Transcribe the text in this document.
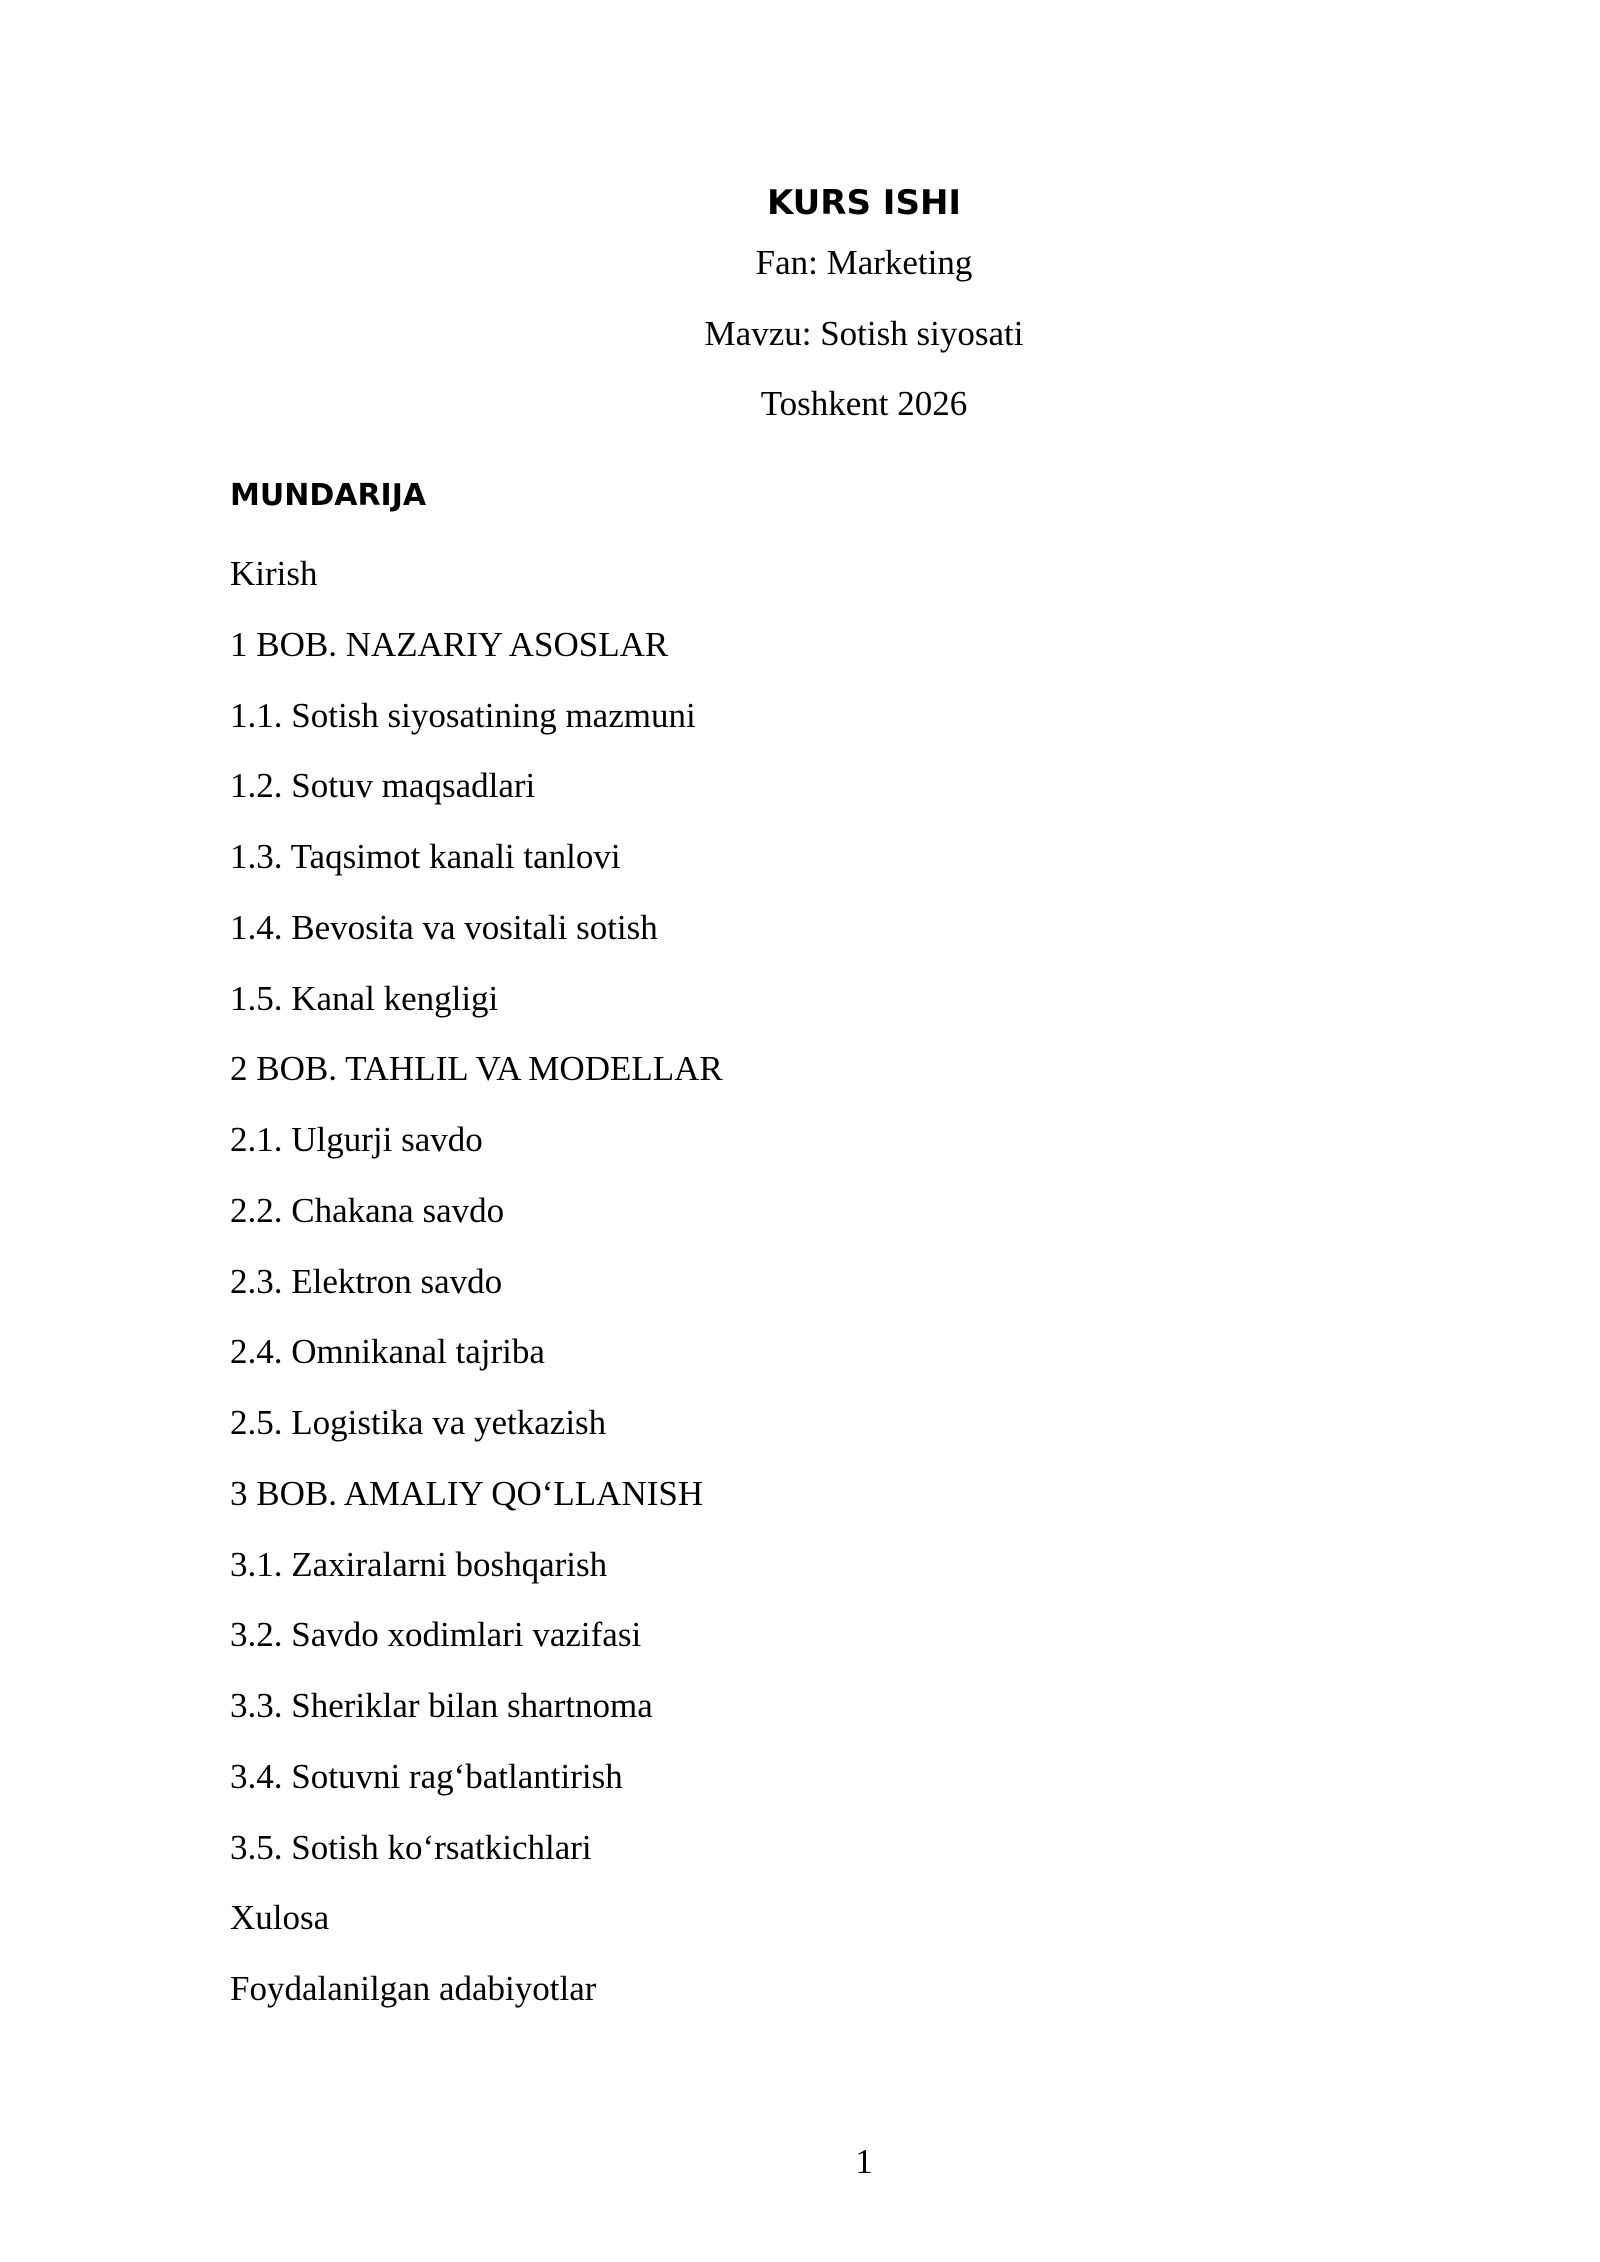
KURS ISHI

Fan: Marketing

Mavzu: Sotish siyosati

Toshkent 2026

MUNDARIJA
Kirish
1 BOB. NAZARIY ASOSLAR
1.1. Sotish siyosatining mazmuni
1.2. Sotuv maqsadlari
1.3. Taqsimot kanali tanlovi
1.4. Bevosita va vositali sotish
1.5. Kanal kengligi
2 BOB. TAHLIL VA MODELLAR
2.1. Ulgurji savdo
2.2. Chakana savdo
2.3. Elektron savdo
2.4. Omnikanal tajriba
2.5. Logistika va yetkazish
3 BOB. AMALIY QO‘LLANISH
3.1. Zaxiralarni boshqarish
3.2. Savdo xodimlari vazifasi
3.3. Sheriklar bilan shartnoma
3.4. Sotuvni rag‘batlantirish
3.5. Sotish ko‘rsatkichlari
Xulosa
Foydalanilgan adabiyotlar

1
